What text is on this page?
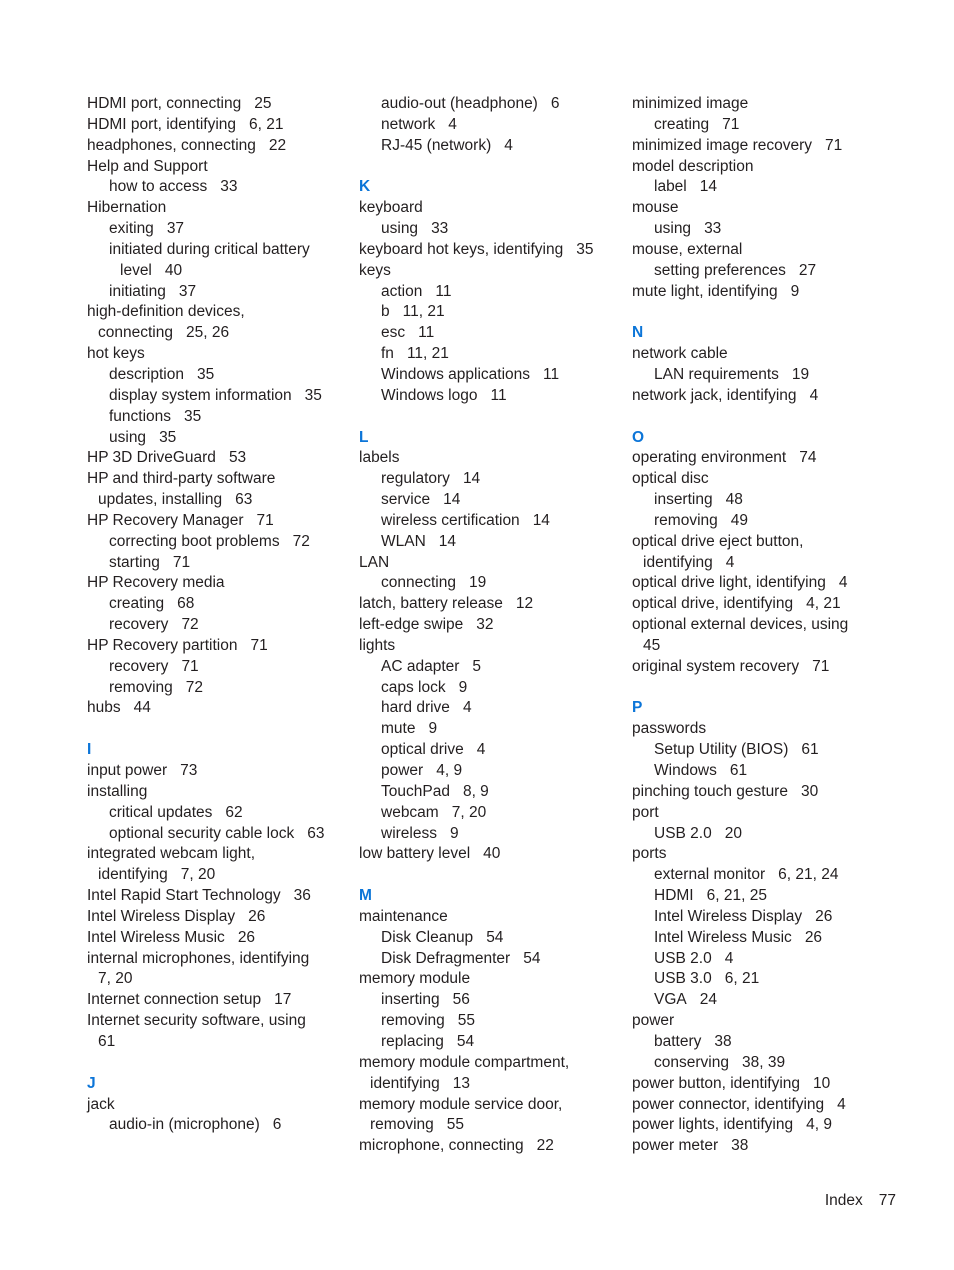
HDMI port, connecting 25
HDMI port, identifying 6, 21
headphones, connecting 22
Help and Support
how to access 33
Hibernation
exiting 37
initiated during critical battery
level 40
initiating 37
high-definition devices,
connecting 25, 26
hot keys
description 35
display system information 35
functions 35
using 35
HP 3D DriveGuard 53
HP and third-party software
updates, installing 63
HP Recovery Manager 71
correcting boot problems 72
starting 71
HP Recovery media
creating 68
recovery 72
HP Recovery partition 71
recovery 71
removing 72
hubs 44
I
input power 73
installing
critical updates 62
optional security cable lock 63
integrated webcam light,
identifying 7, 20
Intel Rapid Start Technology 36
Intel Wireless Display 26
Intel Wireless Music 26
internal microphones, identifying
7, 20
Internet connection setup 17
Internet security software, using
61
J
jack
audio-in (microphone) 6
audio-out (headphone) 6
network 4
RJ-45 (network) 4
K
keyboard
using 33
keyboard hot keys, identifying 35
keys
action 11
b 11, 21
esc 11
fn 11, 21
Windows applications 11
Windows logo 11
L
labels
regulatory 14
service 14
wireless certification 14
WLAN 14
LAN
connecting 19
latch, battery release 12
left-edge swipe 32
lights
AC adapter 5
caps lock 9
hard drive 4
mute 9
optical drive 4
power 4, 9
TouchPad 8, 9
webcam 7, 20
wireless 9
low battery level 40
M
maintenance
Disk Cleanup 54
Disk Defragmenter 54
memory module
inserting 56
removing 55
replacing 54
memory module compartment,
identifying 13
memory module service door,
removing 55
microphone, connecting 22
minimized image
creating 71
minimized image recovery 71
model description
label 14
mouse
using 33
mouse, external
setting preferences 27
mute light, identifying 9
N
network cable
LAN requirements 19
network jack, identifying 4
O
operating environment 74
optical disc
inserting 48
removing 49
optical drive eject button,
identifying 4
optical drive light, identifying 4
optical drive, identifying 4, 21
optional external devices, using
45
original system recovery 71
P
passwords
Setup Utility (BIOS) 61
Windows 61
pinching touch gesture 30
port
USB 2.0 20
ports
external monitor 6, 21, 24
HDMI 6, 21, 25
Intel Wireless Display 26
Intel Wireless Music 26
USB 2.0 4
USB 3.0 6, 21
VGA 24
power
battery 38
conserving 38, 39
power button, identifying 10
power connector, identifying 4
power lights, identifying 4, 9
power meter 38
Index 77
